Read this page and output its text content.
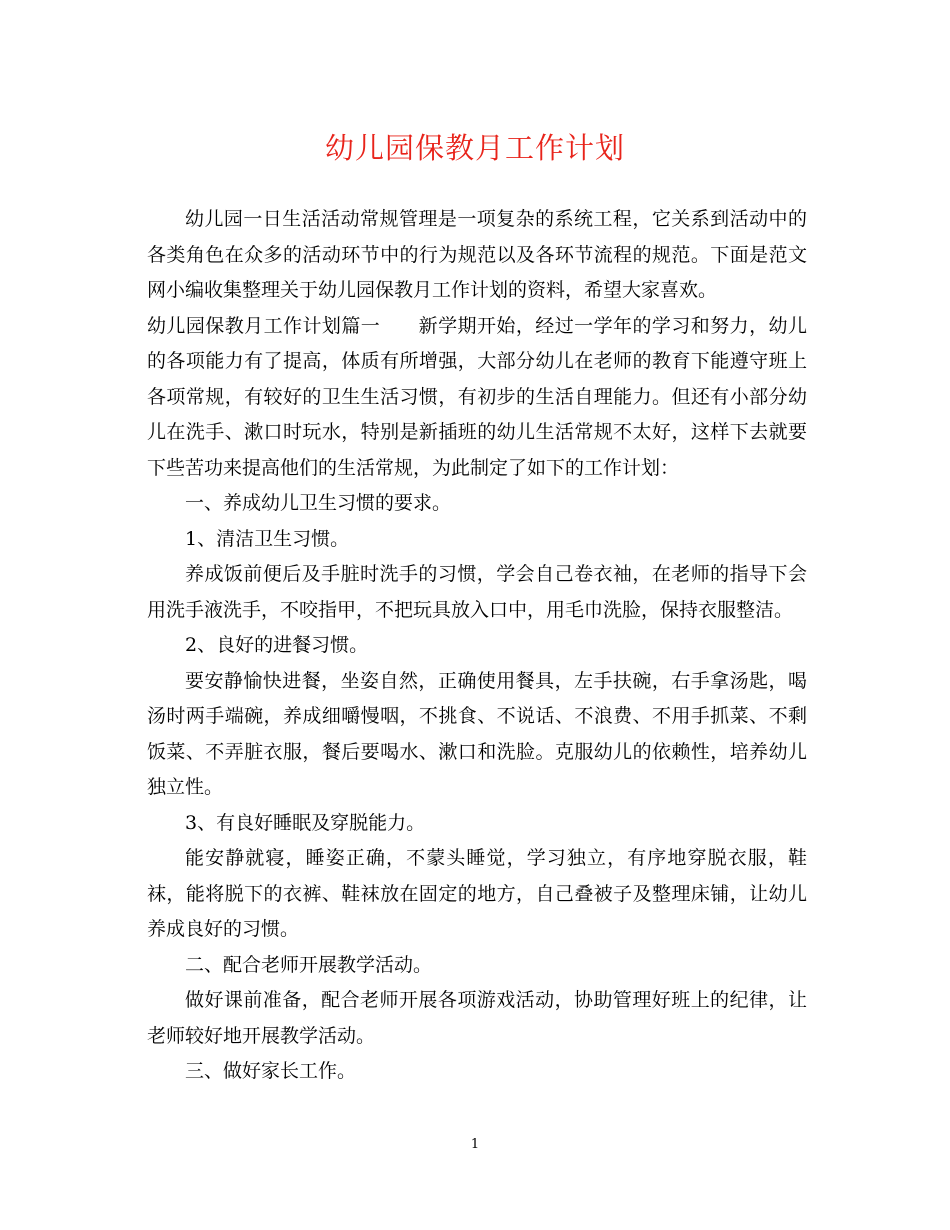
幼儿园保教月工作计划

幼儿园一日生活活动常规管理是一项复杂的系统工程，它关系到活动中的各类角色在众多的活动环节中的行为规范以及各环节流程的规范。下面是范文网小编收集整理关于幼儿园保教月工作计划的资料，希望大家喜欢。

幼儿园保教月工作计划篇一 新学期开始，经过一学年的学习和努力，幼儿的各项能力有了提高，体质有所增强，大部分幼儿在老师的教育下能遵守班上各项常规，有较好的卫生生活习惯，有初步的生活自理能力。但还有小部分幼儿在洗手、漱口时玩水，特别是新插班的幼儿生活常规不太好，这样下去就要下些苦功来提高他们的生活常规，为此制定了如下的工作计划：

一、养成幼儿卫生习惯的要求。

1、清洁卫生习惯。

养成饭前便后及手脏时洗手的习惯，学会自己卷衣袖，在老师的指导下会用洗手液洗手，不咬指甲，不把玩具放入口中，用毛巾洗脸，保持衣服整洁。

2、良好的进餐习惯。

要安静愉快进餐，坐姿自然，正确使用餐具，左手扶碗，右手拿汤匙，喝汤时两手端碗，养成细嚼慢咽，不挑食、不说话、不浪费、不用手抓菜、不剩饭菜、不弄脏衣服，餐后要喝水、漱口和洗脸。克服幼儿的依赖性，培养幼儿独立性。

3、有良好睡眠及穿脱能力。

能安静就寝，睡姿正确，不蒙头睡觉，学习独立，有序地穿脱衣服，鞋袜，能将脱下的衣裤、鞋袜放在固定的地方，自己叠被子及整理床铺，让幼儿养成良好的习惯。

二、配合老师开展教学活动。

做好课前准备，配合老师开展各项游戏活动，协助管理好班上的纪律，让老师较好地开展教学活动。

三、做好家长工作。

1
